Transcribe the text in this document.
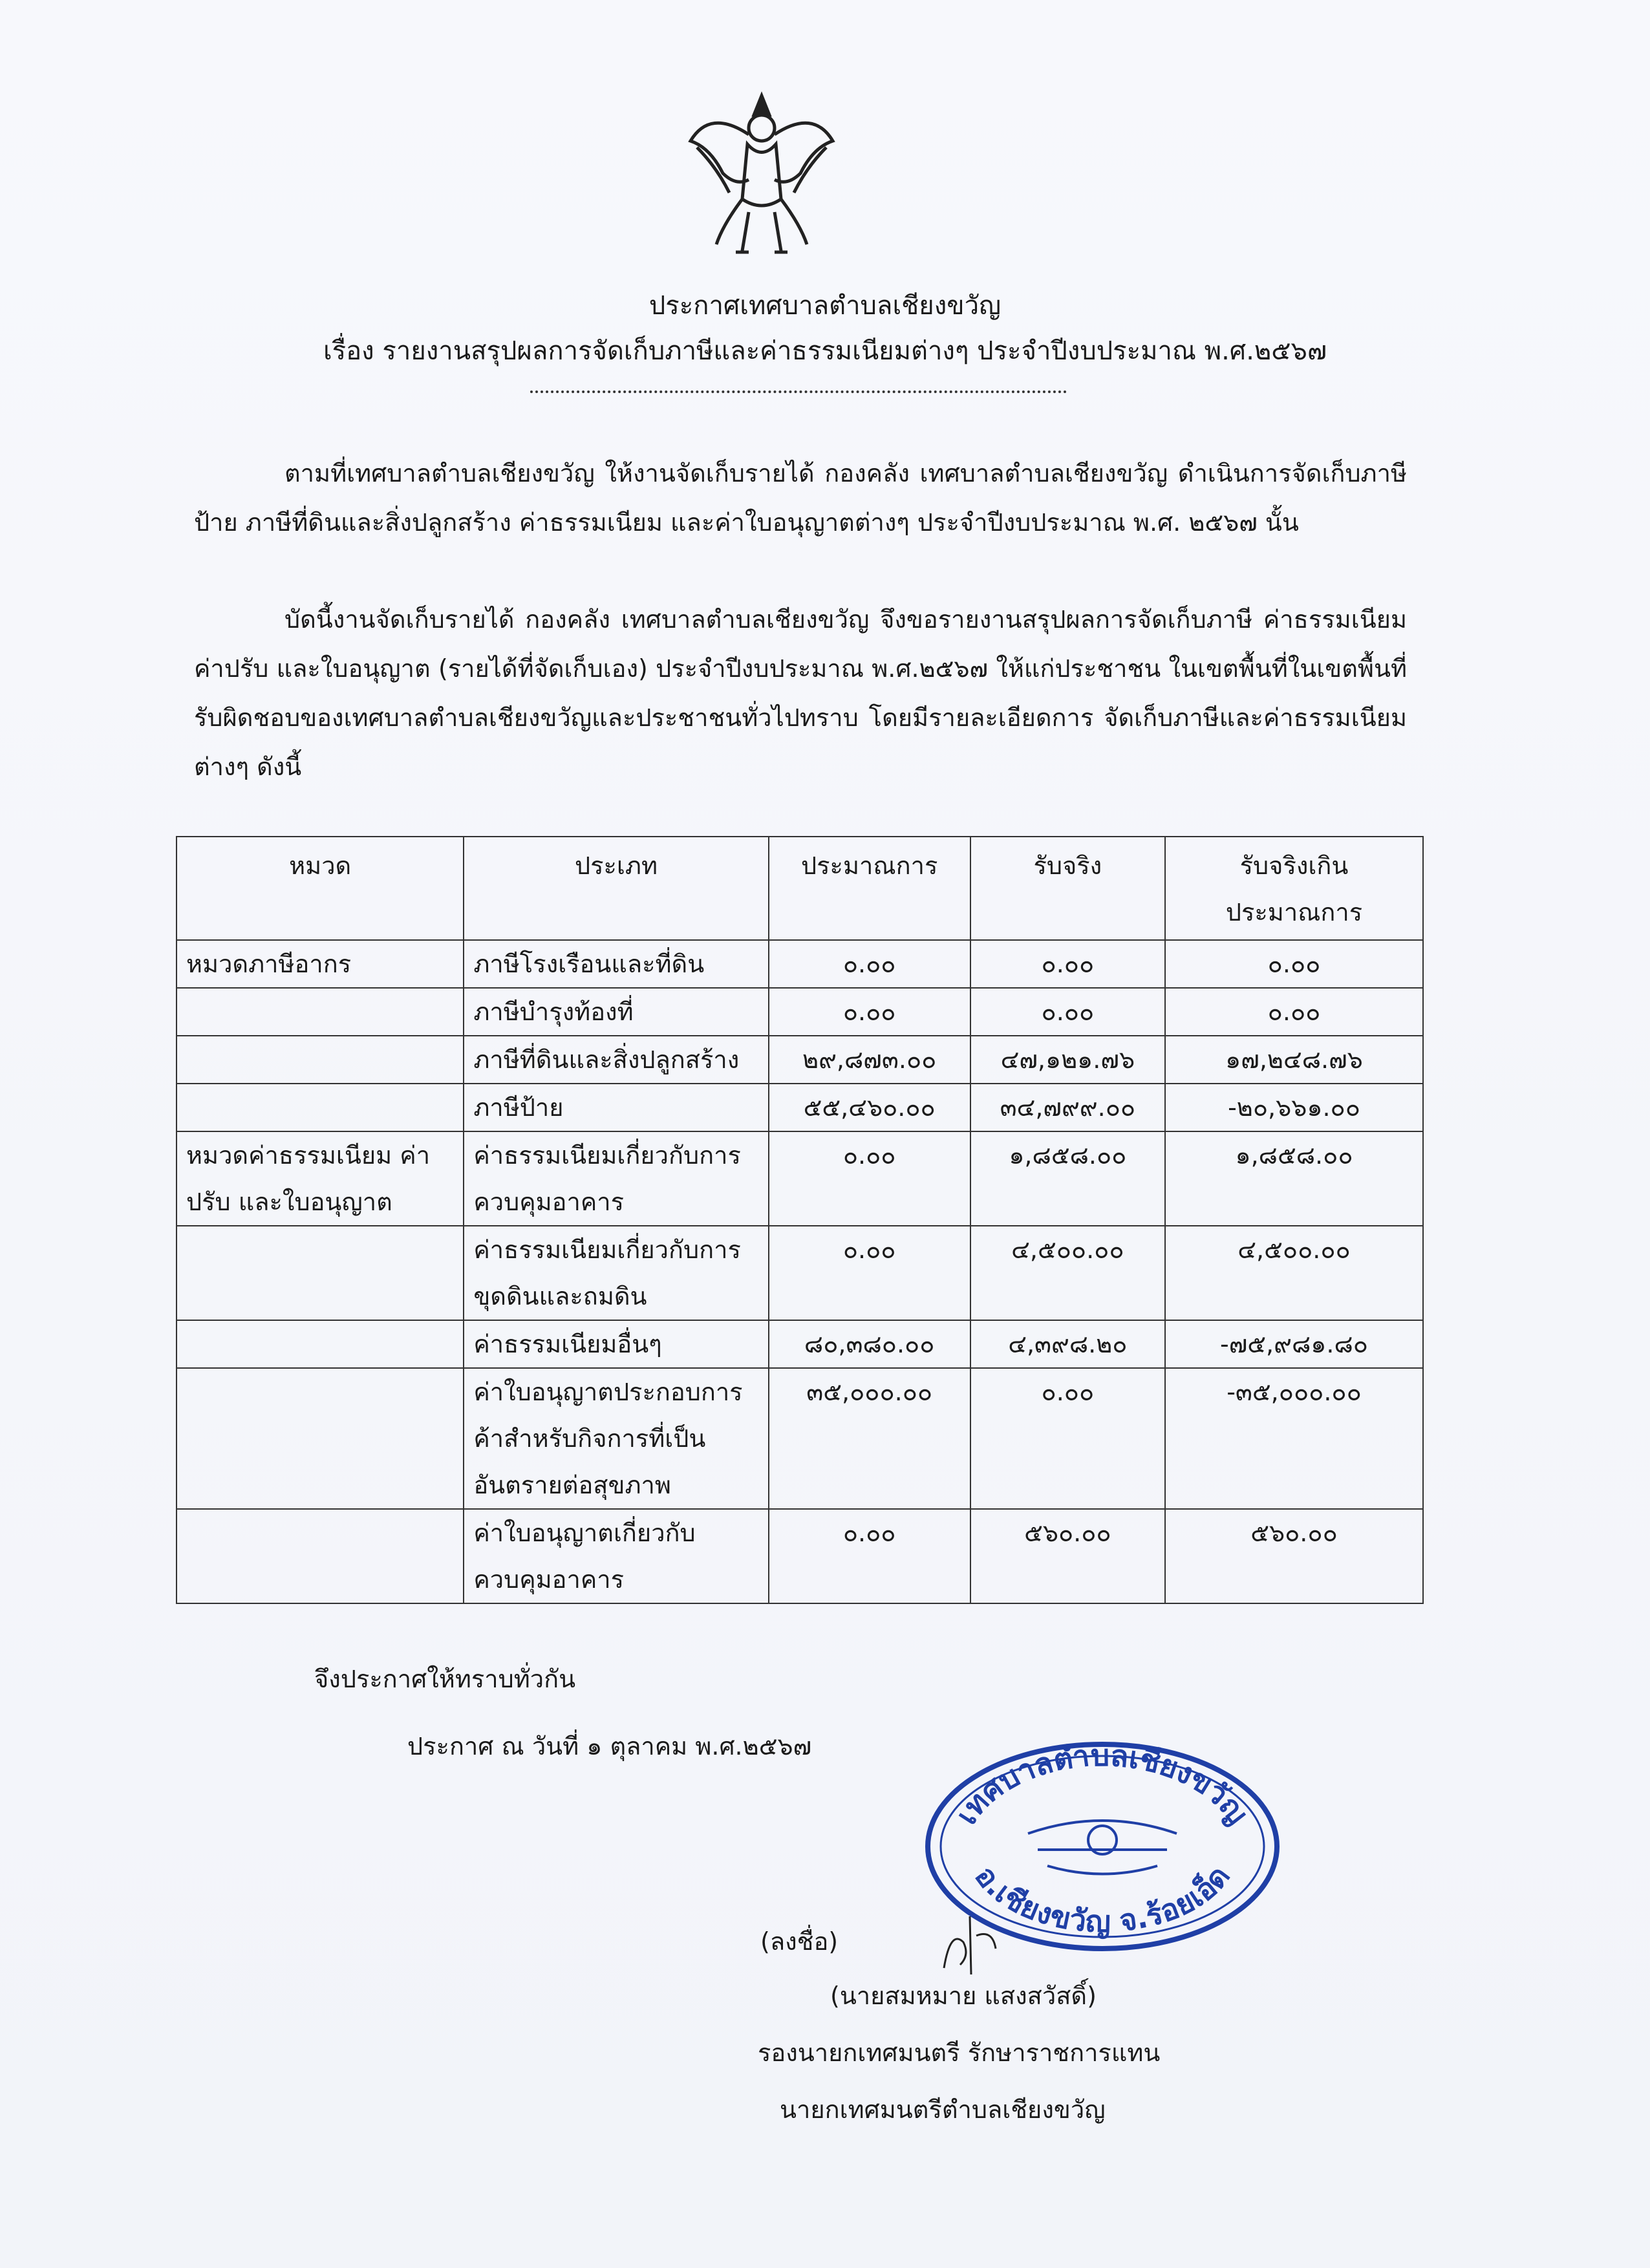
ประกาศเทศบาลตำบลเชียงขวัญ
เรื่อง รายงานสรุปผลการจัดเก็บภาษีและค่าธรรมเนียมต่างๆ ประจำปีงบประมาณ พ.ศ.๒๕๖๗
ตามที่เทศบาลตำบลเชียงขวัญ ให้งานจัดเก็บรายได้ กองคลัง เทศบาลตำบลเชียงขวัญ ดำเนินการจัดเก็บภาษีป้าย ภาษีที่ดินและสิ่งปลูกสร้าง ค่าธรรมเนียม และค่าใบอนุญาตต่างๆ ประจำปีงบประมาณ พ.ศ. ๒๕๖๗ นั้น
บัดนี้งานจัดเก็บรายได้ กองคลัง เทศบาลตำบลเชียงขวัญ จึงขอรายงานสรุปผลการจัดเก็บภาษี ค่าธรรมเนียม ค่าปรับ และใบอนุญาต (รายได้ที่จัดเก็บเอง) ประจำปีงบประมาณ พ.ศ.๒๕๖๗ ให้แก่ประชาชน ในเขตพื้นที่ในเขตพื้นที่รับผิดชอบของเทศบาลตำบลเชียงขวัญและประชาชนทั่วไปทราบ โดยมีรายละเอียดการ จัดเก็บภาษีและค่าธรรมเนียมต่างๆ ดังนี้
หมวด	ประเภท	ประมาณการ	รับจริง	รับจริงเกิน
ประมาณการ

หมวดภาษีอากร	ภาษีโรงเรือนและที่ดิน	๐.๐๐	๐.๐๐	๐.๐๐
	ภาษีบำรุงท้องที่	๐.๐๐	๐.๐๐	๐.๐๐
	ภาษีที่ดินและสิ่งปลูกสร้าง	๒๙,๘๗๓.๐๐	๔๗,๑๒๑.๗๖	๑๗,๒๔๘.๗๖
	ภาษีป้าย	๕๕,๔๖๐.๐๐	๓๔,๗๙๙.๐๐	-๒๐,๖๖๑.๐๐
หมวดค่าธรรมเนียม ค่าปรับ และใบอนุญาต	ค่าธรรมเนียมเกี่ยวกับการควบคุมอาคาร	๐.๐๐	๑,๘๕๘.๐๐	๑,๘๕๘.๐๐
	ค่าธรรมเนียมเกี่ยวกับการขุดดินและถมดิน	๐.๐๐	๔,๕๐๐.๐๐	๔,๕๐๐.๐๐
	ค่าธรรมเนียมอื่นๆ	๘๐,๓๘๐.๐๐	๔,๓๙๘.๒๐	-๗๕,๙๘๑.๘๐
	ค่าใบอนุญาตประกอบการค้าสำหรับกิจการที่เป็นอันตรายต่อสุขภาพ	๓๕,๐๐๐.๐๐	๐.๐๐	-๓๕,๐๐๐.๐๐
	ค่าใบอนุญาตเกี่ยวกับควบคุมอาคาร	๐.๐๐	๕๖๐.๐๐	๕๖๐.๐๐
จึงประกาศให้ทราบทั่วกัน
ประกาศ ณ วันที่ ๑ ตุลาคม พ.ศ.๒๕๖๗
เทศบาลตำบลเชียงขวัญ
อ.เชียงขวัญ จ.ร้อยเอ็ด
(ลงชื่อ)
(นายสมหมาย แสงสวัสดิ์)
รองนายกเทศมนตรี รักษาราชการแทน
นายกเทศมนตรีตำบลเชียงขวัญ
